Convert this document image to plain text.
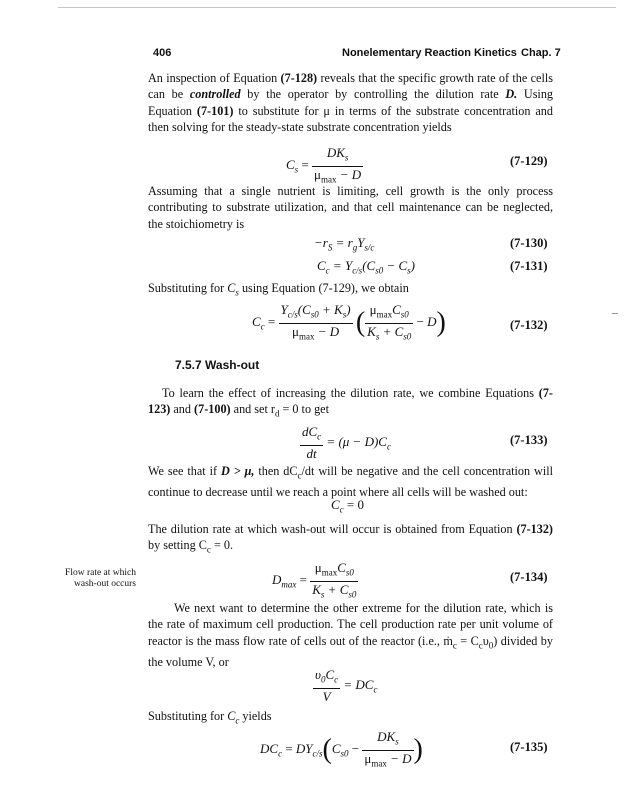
406	Nonelementary Reaction Kinetics Chap. 7
An inspection of Equation (7-128) reveals that the specific growth rate of the cells can be controlled by the operator by controlling the dilution rate D. Using Equation (7-101) to substitute for μ in terms of the substrate concentration and then solving for the steady-state substrate concentration yields
$C_s = \frac{DK_s}{\mu_{max} - D}$	(7-129)
Assuming that a single nutrient is limiting, cell growth is the only process contributing to substrate utilization, and that cell maintenance can be neglected, the stoichiometry is
$-r_S = r_gY_{s/c}$	(7-130)
$C_c = Y_{c/s}(C_{s0} - C_s)$	(7-131)
Substituting for $C_s$ using Equation (7-129), we obtain
$C_c = \frac{Y_{c/s}(C_{s0} + K_s)}{\mu_{max} - D}$ ( $\frac{\mu_{max}C_{s0}}{K_s + C_{s0}} - D$)	(7-132)
7.5.7 Wash-out
To learn the effect of increasing the dilution rate, we combine Equations (7-123) and (7-100) and set $r_d = 0$ to get
$\frac{dC_c}{dt} = (\mu - D)C_c$	(7-133)
We see that if D > μ, then $dC_c/dt$ will be negative and the cell concentration will continue to decrease until we reach a point where all cells will be washed out:
$C_c = 0$
The dilution rate at which wash-out will occur is obtained from Equation (7-132) by setting $C_c = 0$.
Flow rate at which
wash-out occurs	$D_{max} = \frac{\mu_{max}C_{s0}}{K_s + C_{s0}}$	(7-134)
We next want to determine the other extreme for the dilution rate, which is the rate of maximum cell production. The cell production rate per unit volume of reactor is the mass flow rate of cells out of the reactor (i.e., ṁ$_c$ = $C_c\upsilon_0$) divided by the volume V, or
$\frac{\upsilon_0C_c}{V} = DC_c$
Substituting for $C_c$ yields
$DC_c = DY_{c/s}(C_{s0} - \frac{DK_s}{\mu_{max} - D}$ )	(7-135)
